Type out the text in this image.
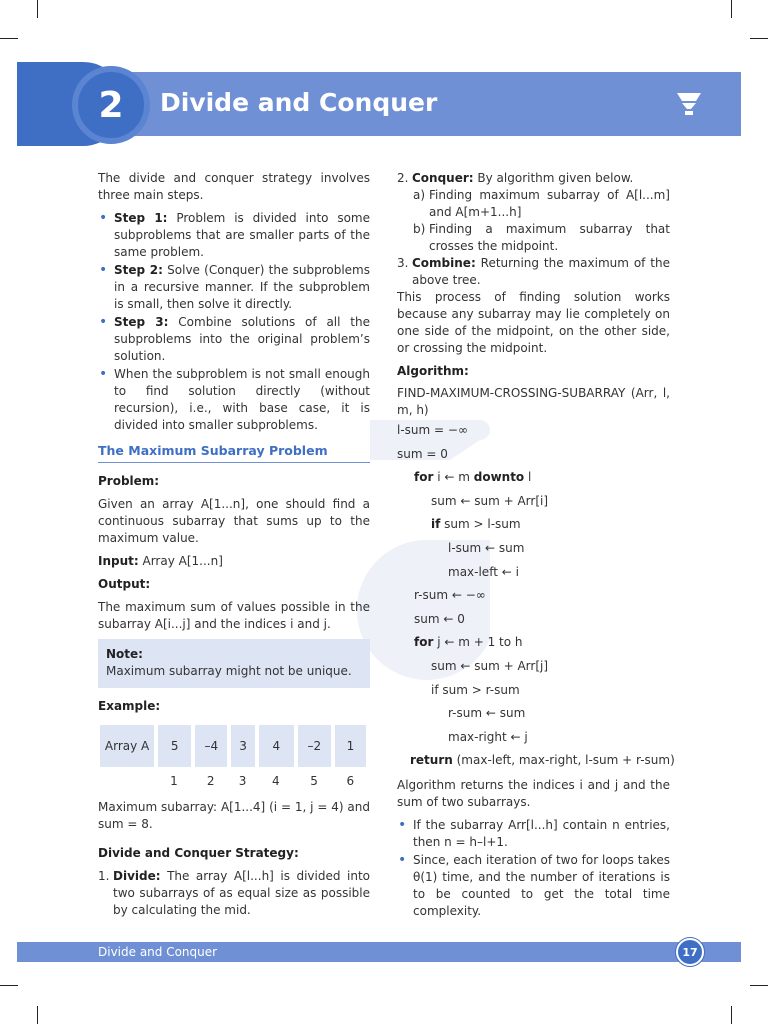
2	Divide and Conquer

The divide and conquer strategy involves three main steps.

• Step 1: Problem is divided into some subproblems that are smaller parts of the same problem.
• Step 2: Solve (Conquer) the subproblems in a recursive manner. If the subproblem is small, then solve it directly.
• Step 3: Combine solutions of all the subproblems into the original problem’s solution.
• When the subproblem is not small enough to find solution directly (without recursion), i.e., with base case, it is divided into smaller subproblems.
The Maximum Subarray Problem
Problem:

Given an array A[1...n], one should find a continuous subarray that sums up to the maximum value.

Input: Array A[1...n]

Output:

The maximum sum of values possible in the subarray A[i...j] and the indices i and j.

Note:
Maximum subarray might not be unique.
Example:
Array A	5	–4	3	4	–2	1
	1	2	3	4	5	6

Maximum subarray: A[1...4] (i = 1, j = 4) and sum = 8.

Divide and Conquer Strategy:
1. Divide: The array A[l...h] is divided into two subarrays of as equal size as possible by calculating the mid.
2. Conquer: By algorithm given below.
a) Finding maximum subarray of A[l...m] and A[m+1...h]
b) Finding a maximum subarray that crosses the midpoint.
3. Combine: Returning the maximum of the above tree.

This process of finding solution works because any subarray may lie completely on one side of the midpoint, on the other side, or crossing the midpoint.

Algorithm:

FIND-MAXIMUM-CROSSING-SUBARRAY (Arr, l, m, h)

l-sum = −∞
sum = 0
for i ← m downto l
sum ← sum + Arr[i]
if sum > l-sum
l-sum ← sum
max-left ← i
r-sum ← −∞
sum ← 0
for j ← m + 1 to h
sum ← sum + Arr[j]
if sum > r-sum
r-sum ← sum
max-right ← j
return (max-left, max-right, l-sum + r-sum)

Algorithm returns the indices i and j and the sum of two subarrays.

• If the subarray Arr[l...h] contain n entries, then n = h–l+1.
• Since, each iteration of two for loops takes θ(1) time, and the number of iterations is to be counted to get the total time complexity.
Divide and Conquer	17
